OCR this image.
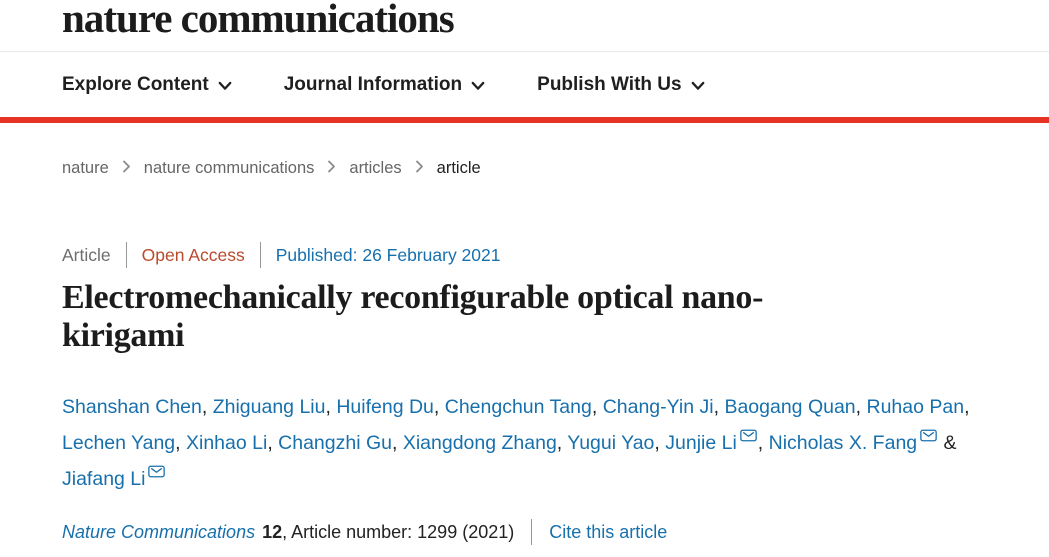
nature communications
Explore Content	Journal Information	Publish With Us
nature nature communications articles article
Article Open Access Published: 26 February 2021
Electromechanically reconfigurable optical nano-
kirigami
Shanshan Chen, Zhiguang Liu, Huifeng Du, Chengchun Tang, Chang-Yin Ji, Baogang Quan, Ruhao Pan,
Lechen Yang, Xinhao Li, Changzhi Gu, Xiangdong Zhang, Yugui Yao, Junjie Li , Nicholas X. Fang &
Jiafang Li
Nature Communications 12 , Article number: 1299 (2021) Cite this article
